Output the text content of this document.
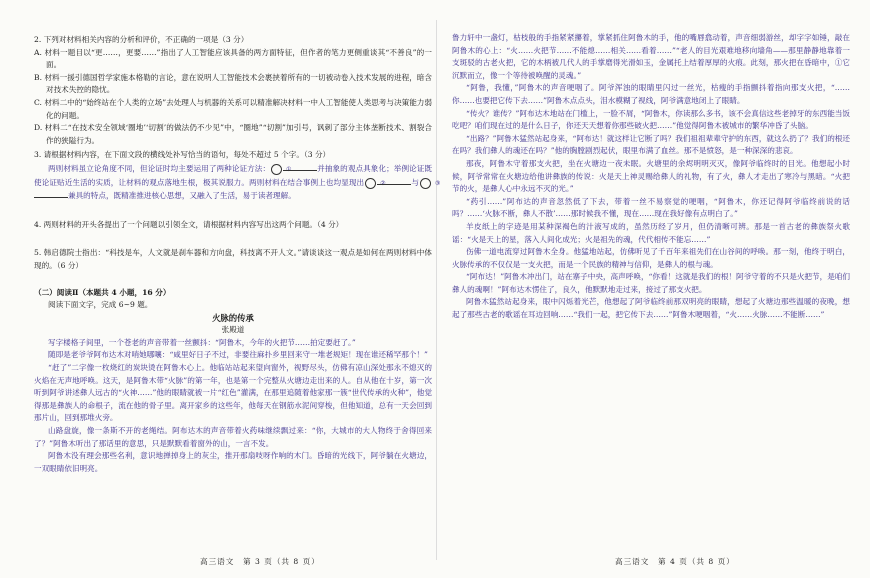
2. 下列对材料相关内容的分析和评价，不正确的一项是（3 分）

A. 材料一题目以“更……，更要……”指出了人工智能应该具备的两方面特征，但作者的笔力更侧重谈其“不善良”的一面。

B. 材料一援引德国哲学家施本格勒的言论，意在说明人工智能技术会裹挟着所有的一切被动卷入技术发展的进程，暗含对技术失控的隐忧。

C. 材料二中的“始终站在个人类的立场”去处理人与机器的关系可以精准解决材料一中人工智能使人类思考与决策能力弱化的问题。

D. 材料二“在技术安全领域‘圈地’‘切割’的做法仍不少见”中，“圈地”“切割”加引号，讽刺了部分主体垄断技术、割裂合作的狭隘行为。

3. 请根据材料内容，在下面文段的横线处补写恰当的语句，每处不超过 5 个字。（3 分）

两则材料虽立论角度不同，但论证时均主要运用了两种论证方法：	①	并抽象的观点具象化；举例论证既使论证贴近生活的实质，让材料的观点落地生根，极其说服力。两则材料在结合事例上也均显现出	②	与	③兼具的特点，既精准推进核心思想，又融入了生活，易于读者理解。

4. 两则材料的开头各提出了一个问题以引领全文，请根据材料内容写出这两个问题。（4 分）

5. 韩启德院士指出：“科技是车，人文就是刹车器和方向盘，科技离不开人文。”请谈谈这一观点是如何在两则材料中体现的。（6 分）

（二）阅读Ⅱ（本题共 4 小题，16 分）

阅读下面文字，完成 6~9 题。

火脉的传承

张殿道

写字楼格子间里，一个苍老的声音带着一丝颤抖：“阿鲁木，今年的火把节……拍定要赶了。”

随即是老爷爷阿布达木对哨她哪嚷：“咸里好日子不过，非要往麻扑乡里回来守一堆老规矩！现在谁还稀罕那个！”

“赶了”二字像一枚烧红的炭块烫在阿鲁木心上。他临站站起来望向窗外，视野尽头，仿佛有凉山深处那永不熄灭的火焰在无声地呼唤。这天，是阿鲁木带“火脉”的第一年，也是第一个完整从火塘边走出来的人。自从他在十岁，第一次听到阿爷讲述彝人远古的“火神……”他的眼睛就被一片“红色”灌满，在那里追随着他家那一簇“世代传承的火种”，他觉得那是彝族人的命根子，流在他的骨子里。离开家乡的这些年，他每天在钢筋水泥间穿梭，但他知道，总有一天会回到那片山，回到那堆火旁。

山路盘旋，像一条斯不开的老绳结。阿布达木的声音带着火药味继续飘过来：“你，大城市的大人物终于舍得回来了？”阿鲁木听出了那话里的意思，只是默默看着窗外的山，一言不发。

阿鲁木没有理会那些名利，意识地掸掉身上的灰尘，推开那扇吱呀作响的木门。昏暗的光线下，阿爷躺在火塘边，一双眼睛依旧明亮。

鲁力轩中一盏灯，枯枝般的手指紧紧攥着，掌紧抓住阿鲁木的手，他的嘴唇翕动着，声音细弱游丝，却字字如锤，敲在阿鲁木的心上：“火……火把节……不能熄……相关……看着……”“老人的目光艰难地移向墙角——那里静静地靠着一支斑驳的古老火把，它的木柄被几代人的手掌磨得光滑如玉，金属托上结着厚厚的火痕。此刻，那火把在昏暗中，①它沉默而立，像一个等待被唤醒的灵魂。”

“阿鲁，我懂，”阿鲁木的声音哽咽了。阿爷浑浊的眼睛里闪过一丝光，枯瘦的手指颤抖着指向那支火把，“……你……也要把它传下去……”阿鲁木点点头，泪水模糊了视线，阿爷满意地闭上了眼睛。

“传火？谁传？”阿布达木地站在门槛上，一脸不屑，“阿鲁木，你读那么多书，该不会真信这些老掉牙的东西能当饭吃吧？咱们现在过的是什么日子，你还天天想着你那些破火把……”他觉得阿鲁木被城市的繁华冲昏了头脑。

“出路？”阿鲁木猛然站起身来，“阿布达！就这样让它断了吗？我们祖祖辈辈守护的东西，就这么扔了？我们的根还在吗？我们彝人的魂还在吗？”他的胸膛剧烈起伏，眼里布满了血丝。那不是愤怒，是一种深深的悲哀。

那夜，阿鲁木守着那支火把，坐在火塘边一夜未眠。火塘里的余烬明明灭灭，像阿爷临终时的目光。他想起小时候，阿爷常常在火塘边给他讲彝族的传说：火是天上神灵赐给彝人的礼物，有了火，彝人才走出了寒冷与黑暗。“火把节的火，是彝人心中永远不灭的光。”

“药引……”阿布达的声音忽然低了下去，带着一丝不易察觉的哽咽，“阿鲁木，你还记得阿爷临终前说的话吗？……‘火脉不断，彝人不散’……那时候我不懂，现在……现在我好像有点明白了。”

羊皮纸上的字迹是用某种深褐色的汁液写成的，虽然历经了岁月，但仍清晰可辨。那是一首古老的彝族祭火歌谣：“火是天上的星，落入人间化成光；火是祖先的魂，代代相传不能忘……”

伤佛一道电流穿过阿鲁木全身。他猛地站起，仿佛听见了千百年来祖先们在山谷间的呼唤。那一刻，他终于明白，火脉传承的不仅仅是一支火把，而是一个民族的精神与信仰，是彝人的根与魂。

“阿布达！”阿鲁木冲出门，站在寨子中央，高声呼唤，“你看！这就是我们的根！阿爷守着的不只是火把节，是咱们彝人的魂啊！”阿布达木愣住了，良久，他默默地走过来，接过了那支火把。

阿鲁木猛然站起身来，眼中闪烁着光芒，他想起了阿爷临终前那双明亮的眼睛，想起了火塘边那些温暖的夜晚，想起了那些古老的歌谣在耳边回响……“我们一起，把它传下去……”阿鲁木哽咽着，“火……火脉……不能断……”

高三语文　第 3 页（共 8 页）	高三语文　第 4 页（共 8 页）
